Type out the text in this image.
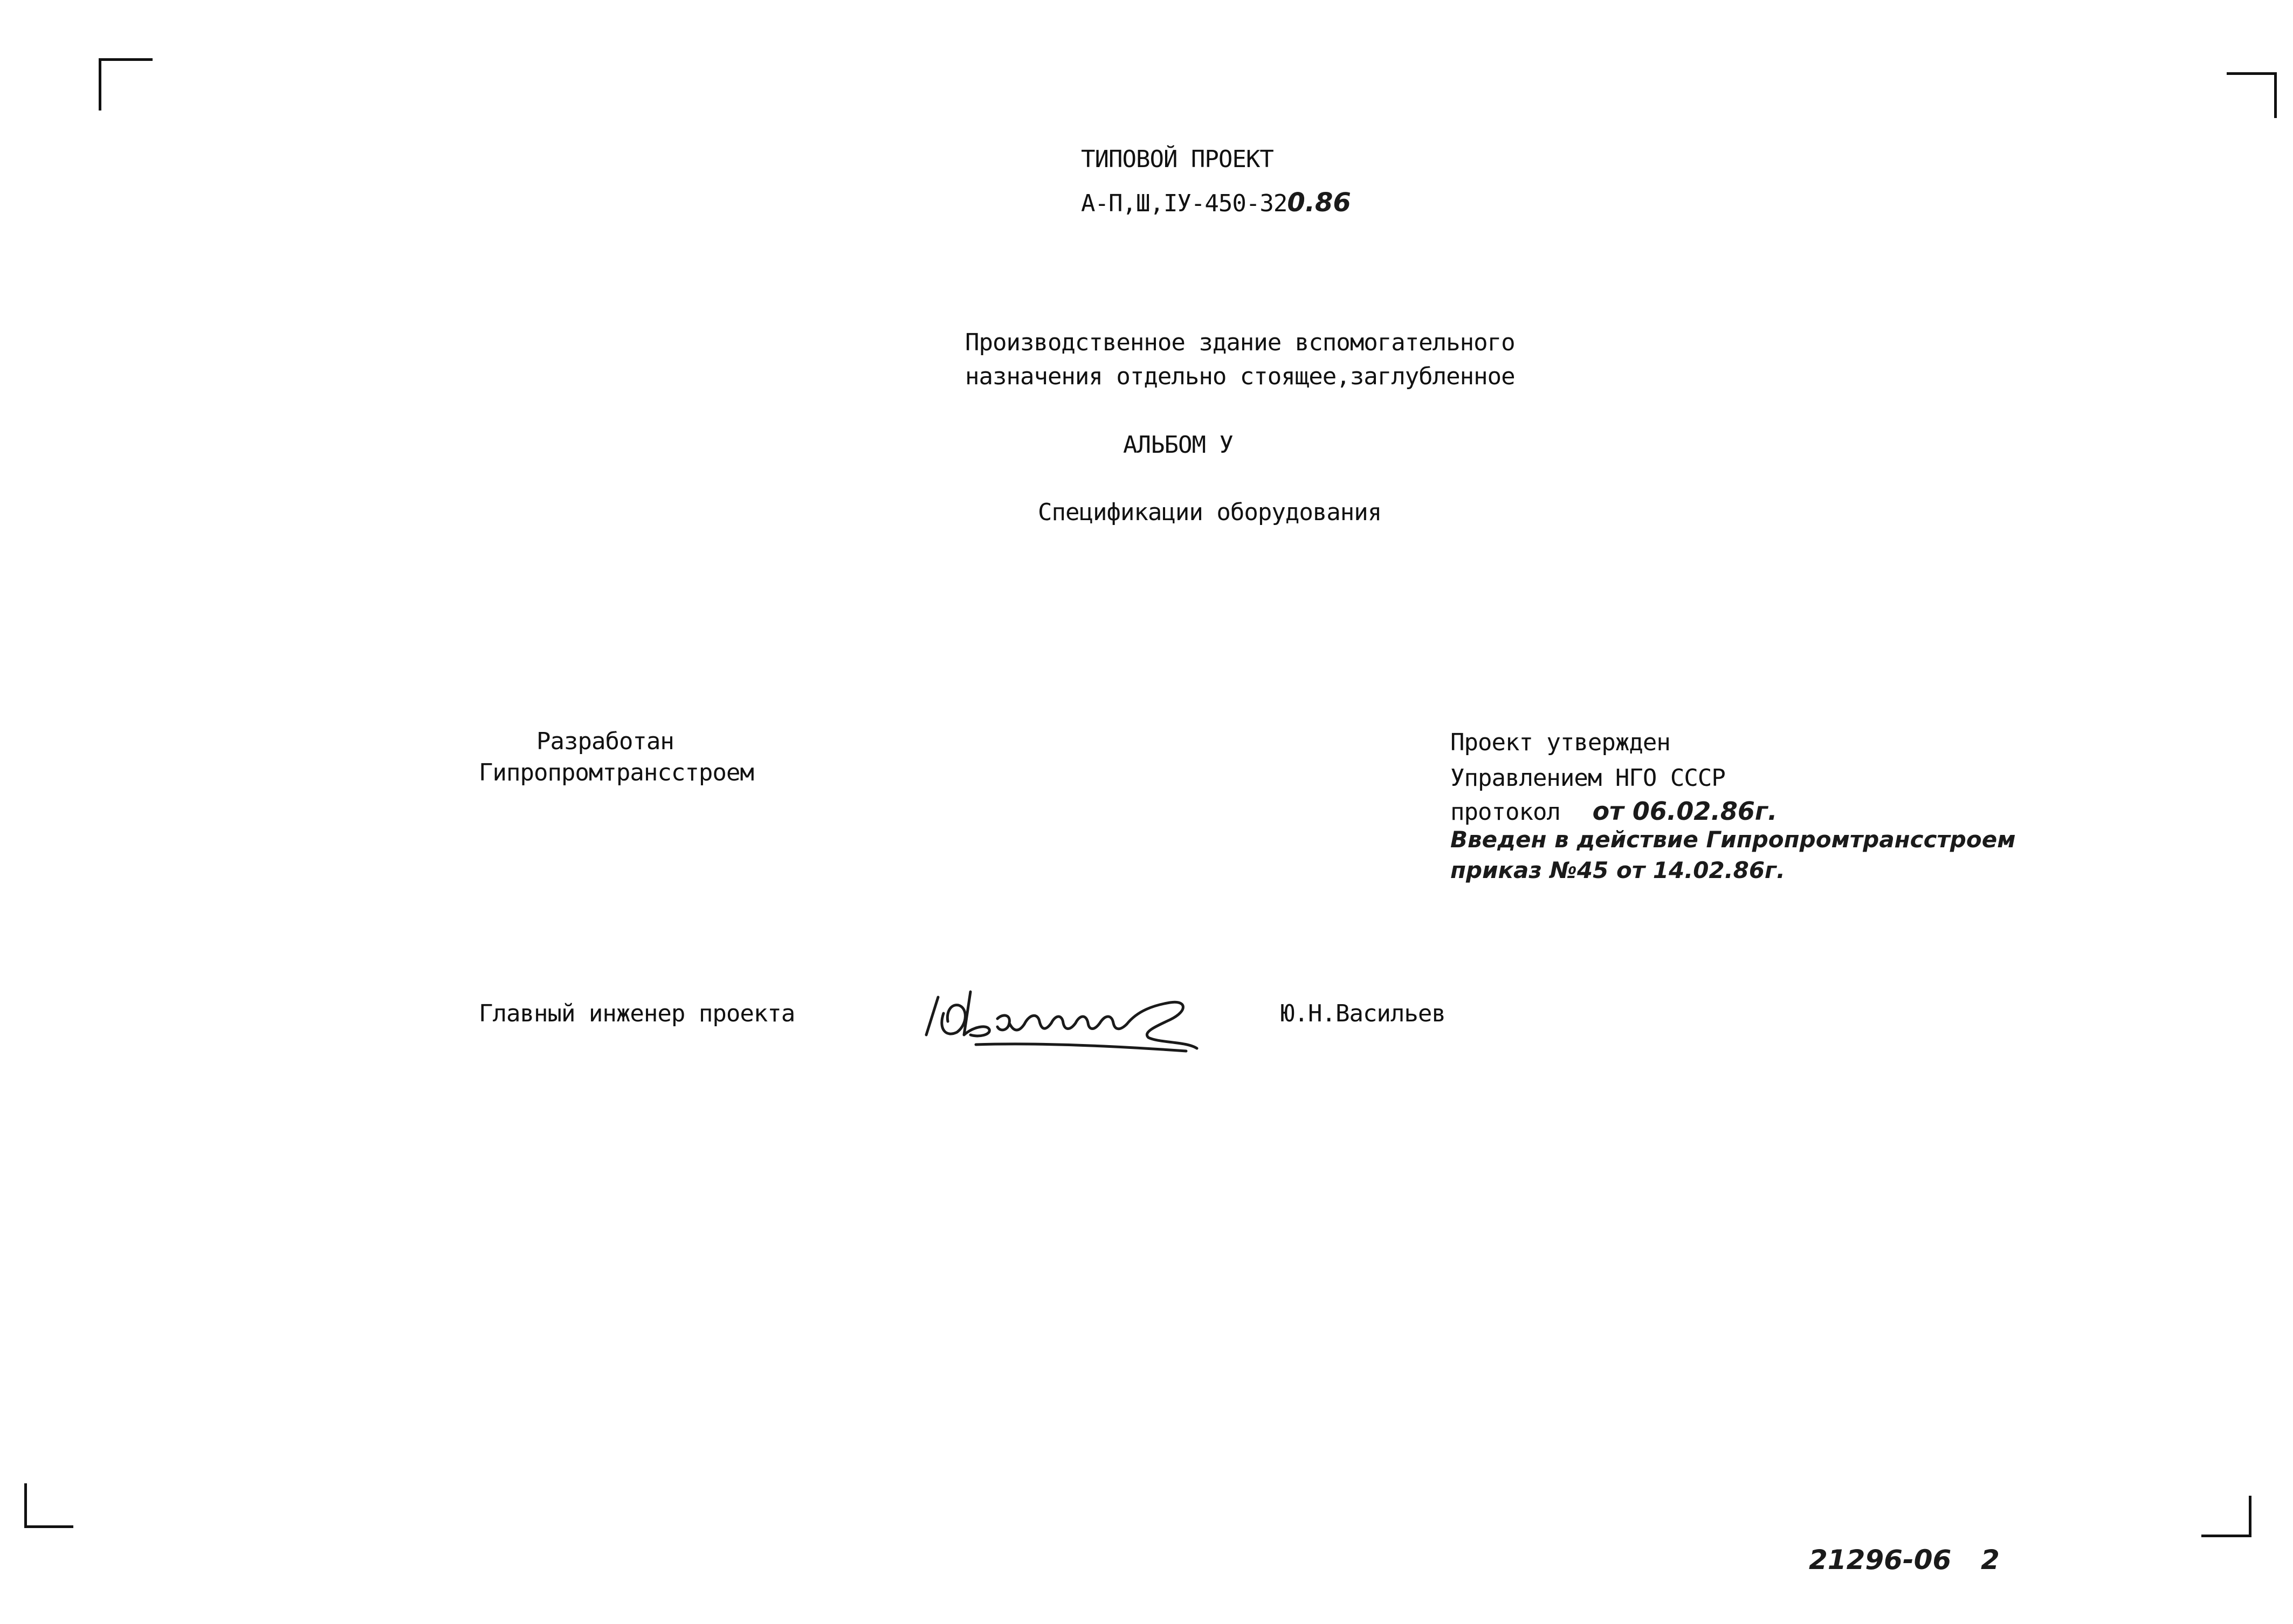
ТИПОВОЙ ПРОЕКТ
А-П,Ш,IУ-450-320.86
Производственное здание вспомогательного
назначения отдельно стоящее,заглубленное
АЛЬБОМ У
Спецификации оборудования
Разработан
Гипропромтрансстроем
Проект утвержден
Управлением НГО СССР
протокол от 06.02.86г.
Введен в действие Гипропромтрансстроем
приказ №45 от 14.02.86г.
Главный инженер проекта	Ю.Н.Васильев
21296-06 2
